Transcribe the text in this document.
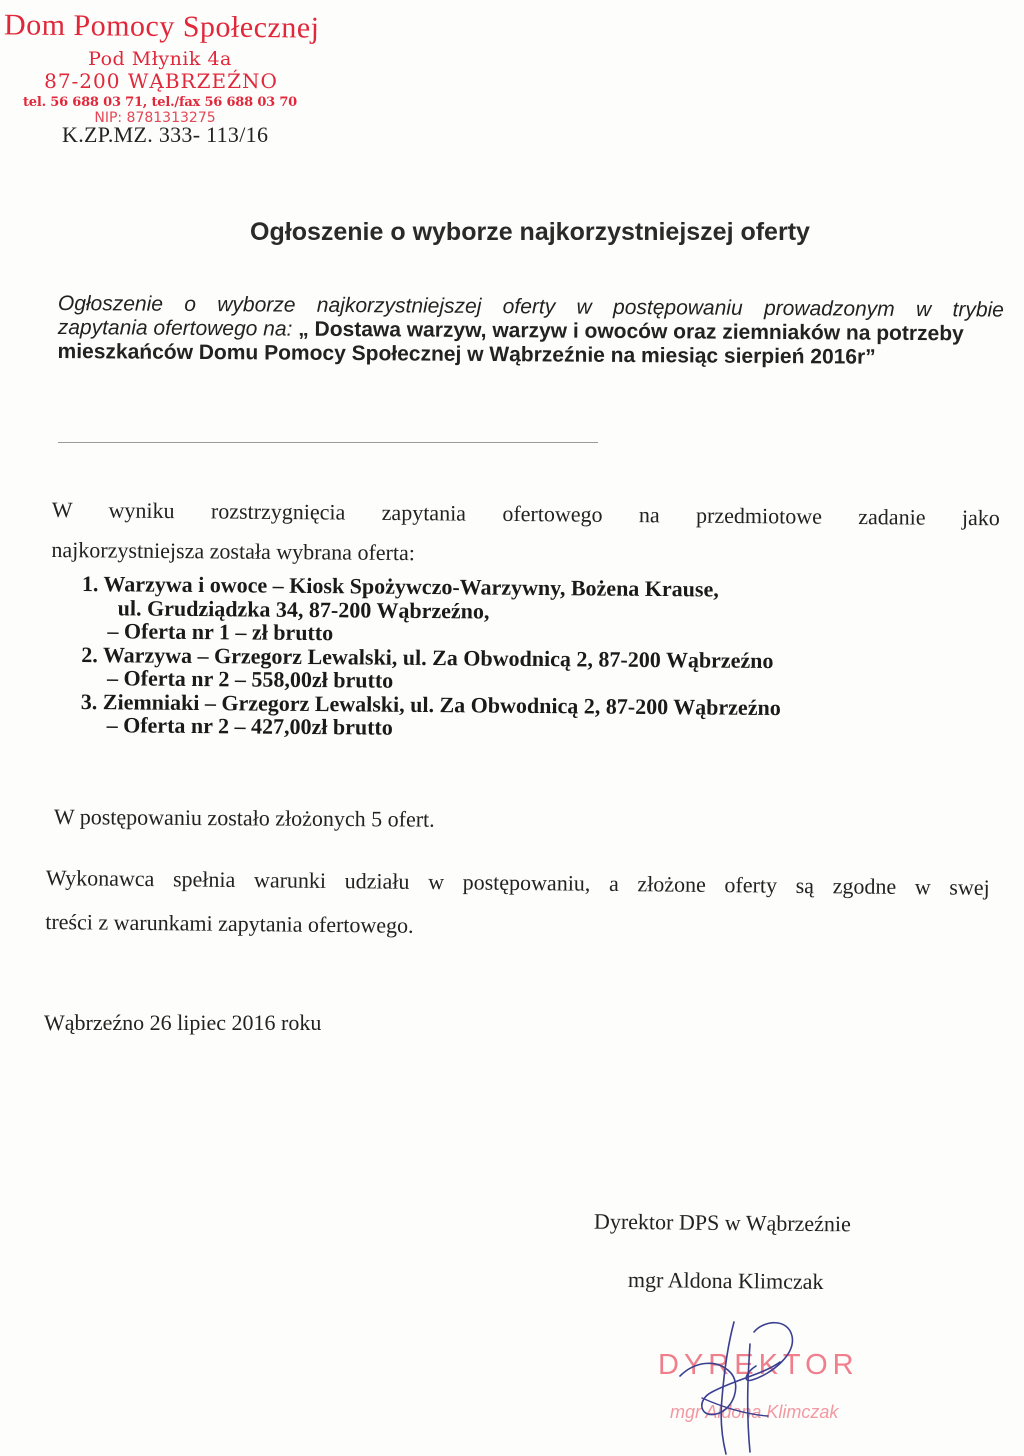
Dom Pomocy Społecznej
Pod Młynik 4a
87-200 WĄBRZEŹNO
tel. 56 688 03 71, tel./fax 56 688 03 70
NIP: 8781313275
K.ZP.MZ. 333- 113/16
Ogłoszenie o wyborze najkorzystniejszej oferty
Ogłoszenie o wyborze najkorzystniejszej oferty w postępowaniu prowadzonym w trybie
zapytania ofertowego na: „ Dostawa warzyw, warzyw i owoców oraz ziemniaków na potrzeby mieszkańców Domu Pomocy Społecznej w Wąbrzeźnie na miesiąc sierpień 2016r”
W wyniku rozstrzygnięcia zapytania ofertowego na przedmiotowe zadanie jako
najkorzystniejsza została wybrana oferta:
1. Warzywa i owoce – Kiosk Spożywczo-Warzywny, Bożena Krause,
ul. Grudziądzka 34, 87-200 Wąbrzeźno,
– Oferta nr 1 – zł brutto
2. Warzywa – Grzegorz Lewalski, ul. Za Obwodnicą 2, 87-200 Wąbrzeźno
– Oferta nr 2 – 558,00zł brutto
3. Ziemniaki – Grzegorz Lewalski, ul. Za Obwodnicą 2, 87-200 Wąbrzeźno
– Oferta nr 2 – 427,00zł brutto
W postępowaniu zostało złożonych 5 ofert.
Wykonawca spełnia warunki udziału w postępowaniu, a złożone oferty są zgodne w swej
treści z warunkami zapytania ofertowego.
Wąbrzeźno 26 lipiec 2016 roku
Dyrektor DPS w Wąbrzeźnie
mgr Aldona Klimczak
DYREKTOR
mgr Aldona Klimczak
